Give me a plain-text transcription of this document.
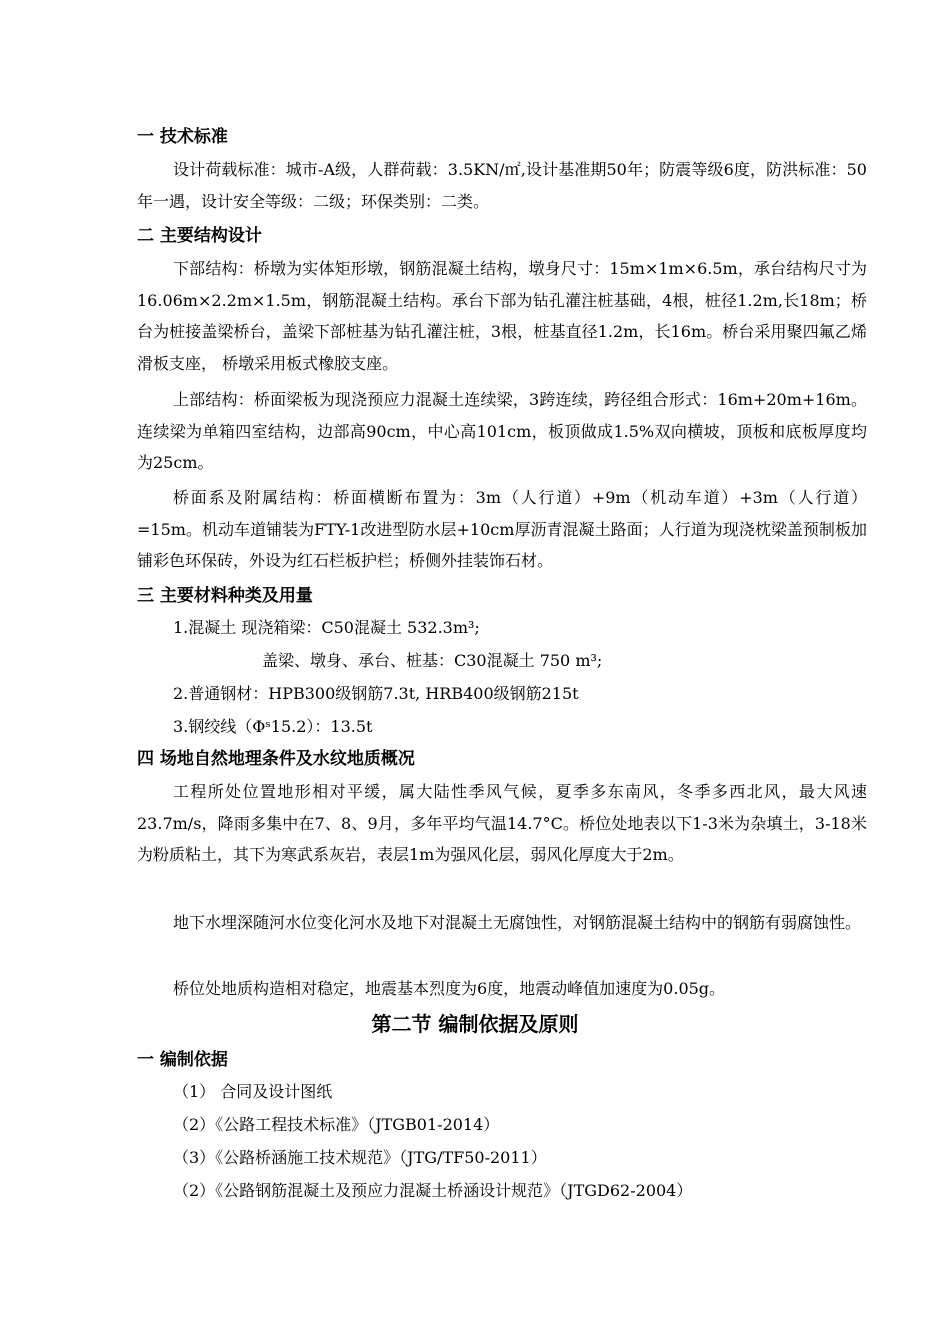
一 技术标准
设计荷载标准：城市-A级，人群荷载：3.5KN/㎡,设计基准期50年；防震等级6度，防洪标准：50年一遇，设计安全等级：二级；环保类别：二类。
二 主要结构设计
下部结构：桥墩为实体矩形墩，钢筋混凝土结构，墩身尺寸：15m×1m×6.5m，承台结构尺寸为16.06m×2.2m×1.5m，钢筋混凝土结构。承台下部为钻孔灌注桩基础，4根，桩径1.2m,长18m；桥台为桩接盖梁桥台，盖梁下部桩基为钻孔灌注桩，3根，桩基直径1.2m，长16m。桥台采用聚四氟乙烯滑板支座， 桥墩采用板式橡胶支座。
上部结构：桥面梁板为现浇预应力混凝土连续梁，3跨连续，跨径组合形式：16m+20m+16m。连续梁为单箱四室结构，边部高90cm，中心高101cm，板顶做成1.5%双向横坡，顶板和底板厚度均为25cm。
桥面系及附属结构：桥面横断布置为：3m（人行道）+9m（机动车道）+3m（人行道）=15m。机动车道铺装为FTY-1改进型防水层+10cm厚沥青混凝土路面；人行道为现浇枕梁盖预制板加铺彩色环保砖，外设为红石栏板护栏；桥侧外挂装饰石材。
三 主要材料种类及用量
1.混凝土 现浇箱梁：C50混凝土 532.3m³;
盖梁、墩身、承台、桩基：C30混凝土 750 m³;
2.普通钢材：HPB300级钢筋7.3t, HRB400级钢筋215t
3.钢绞线（Φˢ15.2）：13.5t
四 场地自然地理条件及水纹地质概况
工程所处位置地形相对平缓，属大陆性季风气候，夏季多东南风，冬季多西北风，最大风速23.7m/s，降雨多集中在7、8、9月，多年平均气温14.7°C。桥位处地表以下1-3米为杂填土，3-18米为粉质粘土，其下为寒武系灰岩，表层1m为强风化层，弱风化厚度大于2m。
地下水埋深随河水位变化河水及地下对混凝土无腐蚀性，对钢筋混凝土结构中的钢筋有弱腐蚀性。
桥位处地质构造相对稳定，地震基本烈度为6度，地震动峰值加速度为0.05g。
第二节 编制依据及原则
一 编制依据
（1） 合同及设计图纸
（2）《公路工程技术标准》（JTGB01-2014）
（3）《公路桥涵施工技术规范》（JTG/TF50-2011）
（2）《公路钢筋混凝土及预应力混凝土桥涵设计规范》（JTGD62-2004）
